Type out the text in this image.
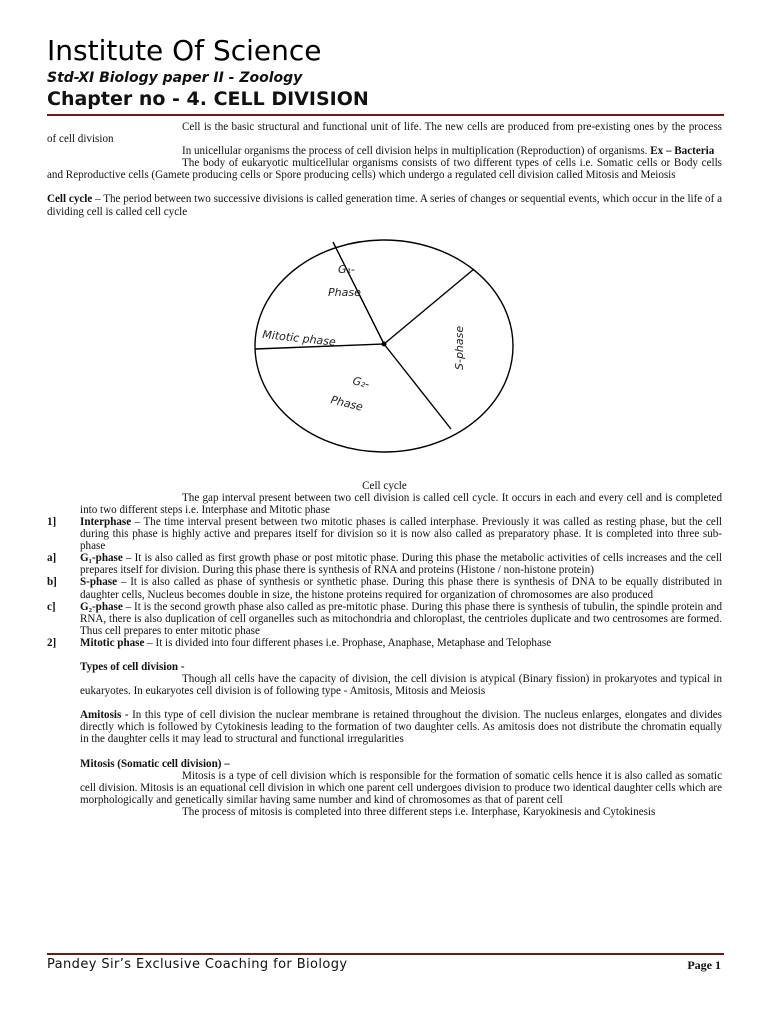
Institute Of Science
Std-XI Biology paper II - Zoology
Chapter no - 4. CELL DIVISION

Cell is the basic structural and functional unit of life. The new cells are produced from pre-existing ones by the process of cell division

In unicellular organisms the process of cell division helps in multiplication (Reproduction) of organisms. Ex – Bacteria

The body of eukaryotic multicellular organisms consists of two different types of cells i.e. Somatic cells or Body cells and Reproductive cells (Gamete producing cells or Spore producing cells) which undergo a regulated cell division called Mitosis and Meiosis

Cell cycle – The period between two successive divisions is called generation time. A series of changes or sequential events, which occur in the life of a dividing cell is called cell cycle

G₁-
Phase
Mitotic phase
G₂-
Phase
S-phase

Cell cycle

The gap interval present between two cell division is called cell cycle. It occurs in each and every cell and is completed into two different steps i.e. Interphase and Mitotic phase

1]	Interphase – The time interval present between two mitotic phases is called interphase. Previously it was called as resting phase, but the cell during this phase is highly active and prepares itself for division so it is now also called as preparatory phase. It is completed into three sub-phase
a]	G₁-phase – It is also called as first growth phase or post mitotic phase. During this phase the metabolic activities of cells increases and the cell prepares itself for division. During this phase there is synthesis of RNA and proteins (Histone / non-histone protein)
b]	S-phase – It is also called as phase of synthesis or synthetic phase. During this phase there is synthesis of DNA to be equally distributed in daughter cells, Nucleus becomes double in size, the histone proteins required for organization of chromosomes are also produced
c]	G₂-phase – It is the second growth phase also called as pre-mitotic phase. During this phase there is synthesis of tubulin, the spindle protein and RNA, there is also duplication of cell organelles such as mitochondria and chloroplast, the centrioles duplicate and two centrosomes are formed. Thus cell prepares to enter mitotic phase
2]	Mitotic phase – It is divided into four different phases i.e. Prophase, Anaphase, Metaphase and Telophase

Types of cell division -

Though all cells have the capacity of division, the cell division is atypical (Binary fission) in prokaryotes and typical in eukaryotes. In eukaryotes cell division is of following type - Amitosis, Mitosis and Meiosis

Amitosis - In this type of cell division the nuclear membrane is retained throughout the division. The nucleus enlarges, elongates and divides directly which is followed by Cytokinesis leading to the formation of two daughter cells. As amitosis does not distribute the chromatin equally in the daughter cells it may lead to structural and functional irregularities

Mitosis (Somatic cell division) –

Mitosis is a type of cell division which is responsible for the formation of somatic cells hence it is also called as somatic cell division. Mitosis is an equational cell division in which one parent cell undergoes division to produce two identical daughter cells which are morphologically and genetically similar having same number and kind of chromosomes as that of parent cell

The process of mitosis is completed into three different steps i.e. Interphase, Karyokinesis and Cytokinesis

Pandey Sir’s Exclusive Coaching for Biology	Page 1
